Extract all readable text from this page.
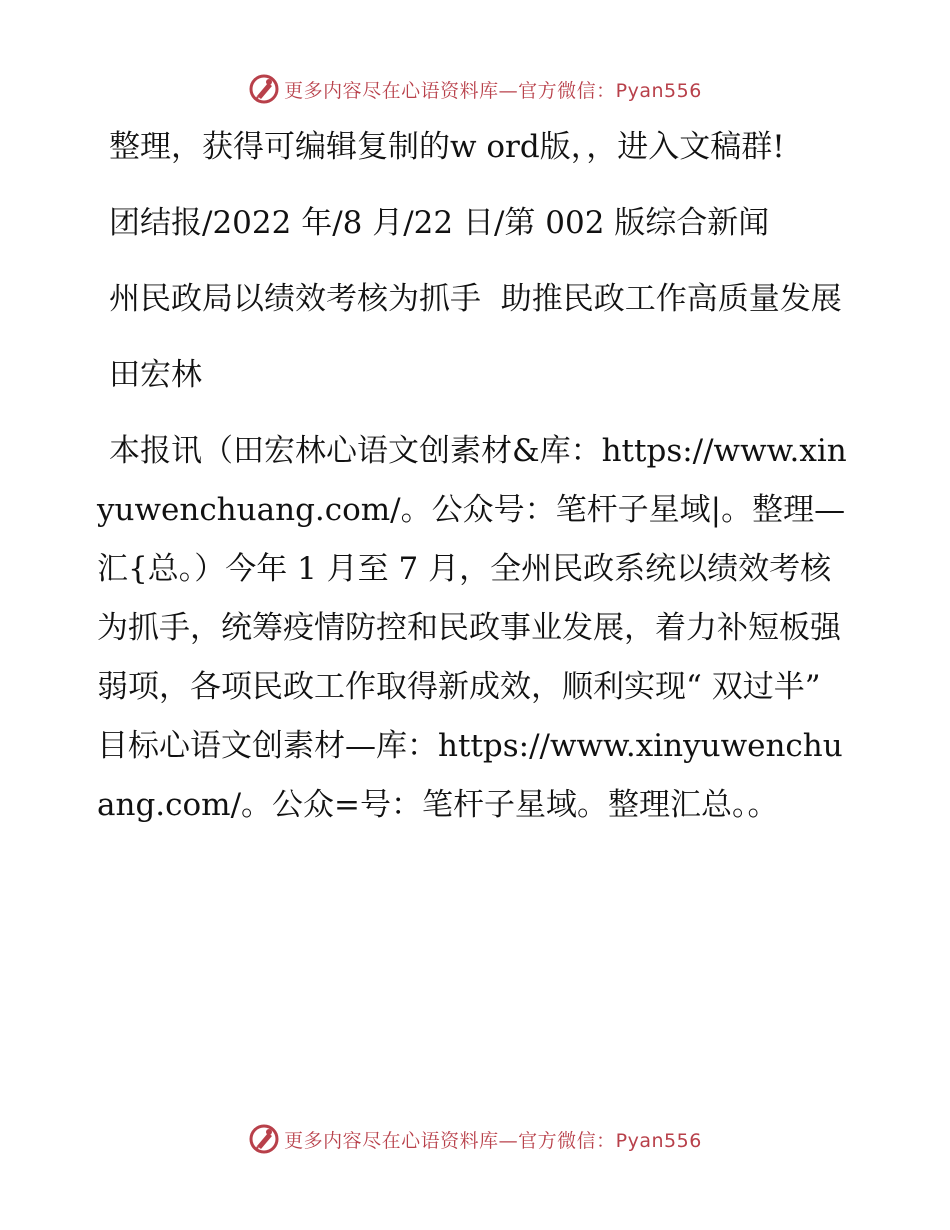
更多内容尽在心语资料库—官方微信：Pyan556

整理，获得可编辑复制的w ord版，，进入文稿群!

团结报/2022 年/8 月/22 日/第 002 版综合新闻

州民政局以绩效考核为抓手  助推民政工作高质量发展

田宏林

本报讯（田宏林心语文创素材&库：https://www.xinyuwenchuang.com/。公众号：笔杆子星域|。整理—汇{总。）今年 1 月至 7 月，全州民政系统以绩效考核为抓手，统筹疫情防控和民政事业发展，着力补短板强弱项，各项民政工作取得新成效，顺利实现“ 双过半” 目标心语文创素材—库：https://www.xinyuwenchuang.com/。公众=号：笔杆子星域。整理汇总。。

更多内容尽在心语资料库—官方微信：Pyan556
